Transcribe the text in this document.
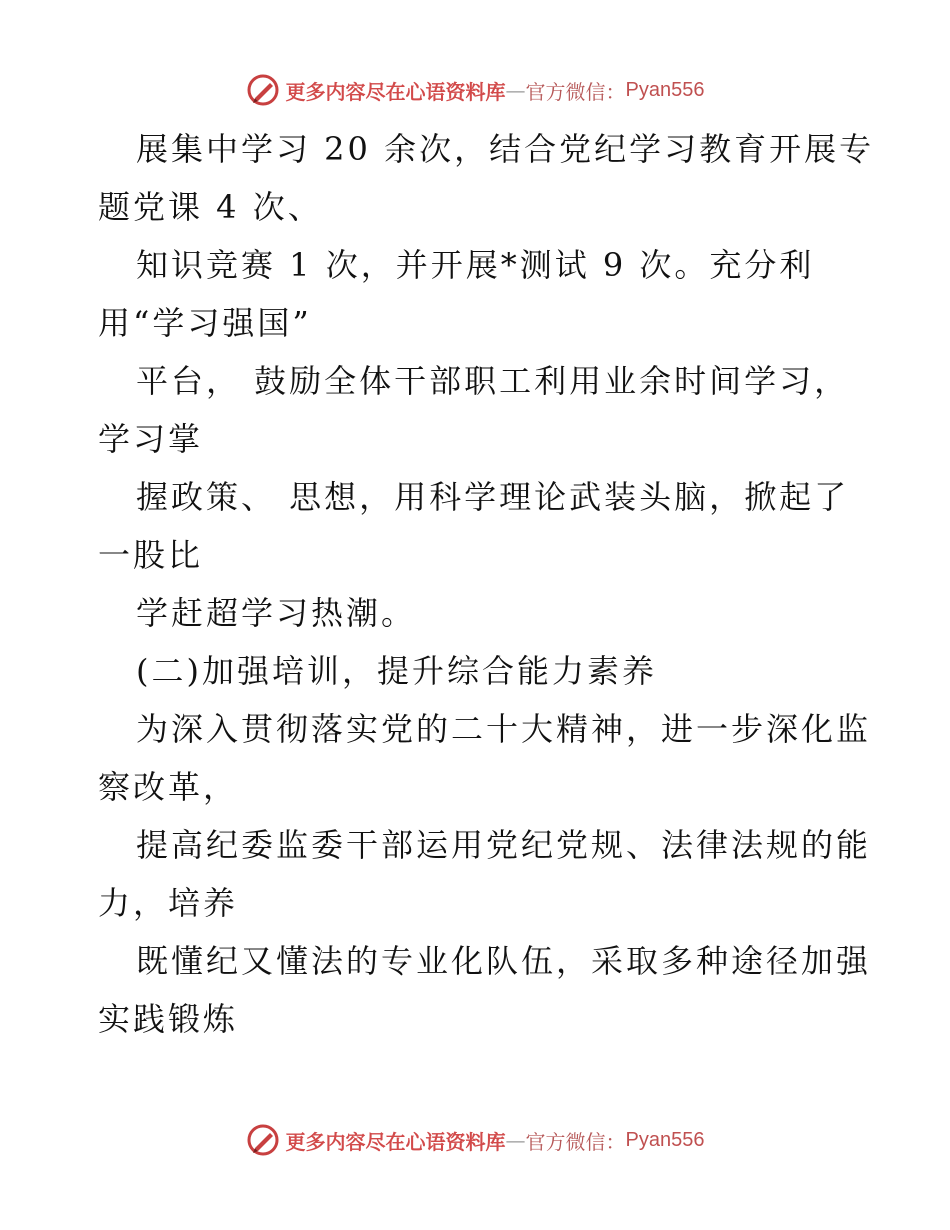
更多内容尽在心语资料库 — 官方微信： Pyan556
展集中学习 20 余次，结合党纪学习教育开展专
题党课 4 次、
知识竞赛 1 次，并开展*测试 9 次。充分利
用“学习强国”
平台， 鼓励全体干部职工利用业余时间学习，
学习掌
握政策、 思想，用科学理论武装头脑，掀起了
一股比
学赶超学习热潮。
(二)加强培训，提升综合能力素养
为深入贯彻落实党的二十大精神，进一步深化监
察改革，
提高纪委监委干部运用党纪党规、法律法规的能
力，培养
既懂纪又懂法的专业化队伍，采取多种途径加强
实践锻炼
更多内容尽在心语资料库 — 官方微信： Pyan556
